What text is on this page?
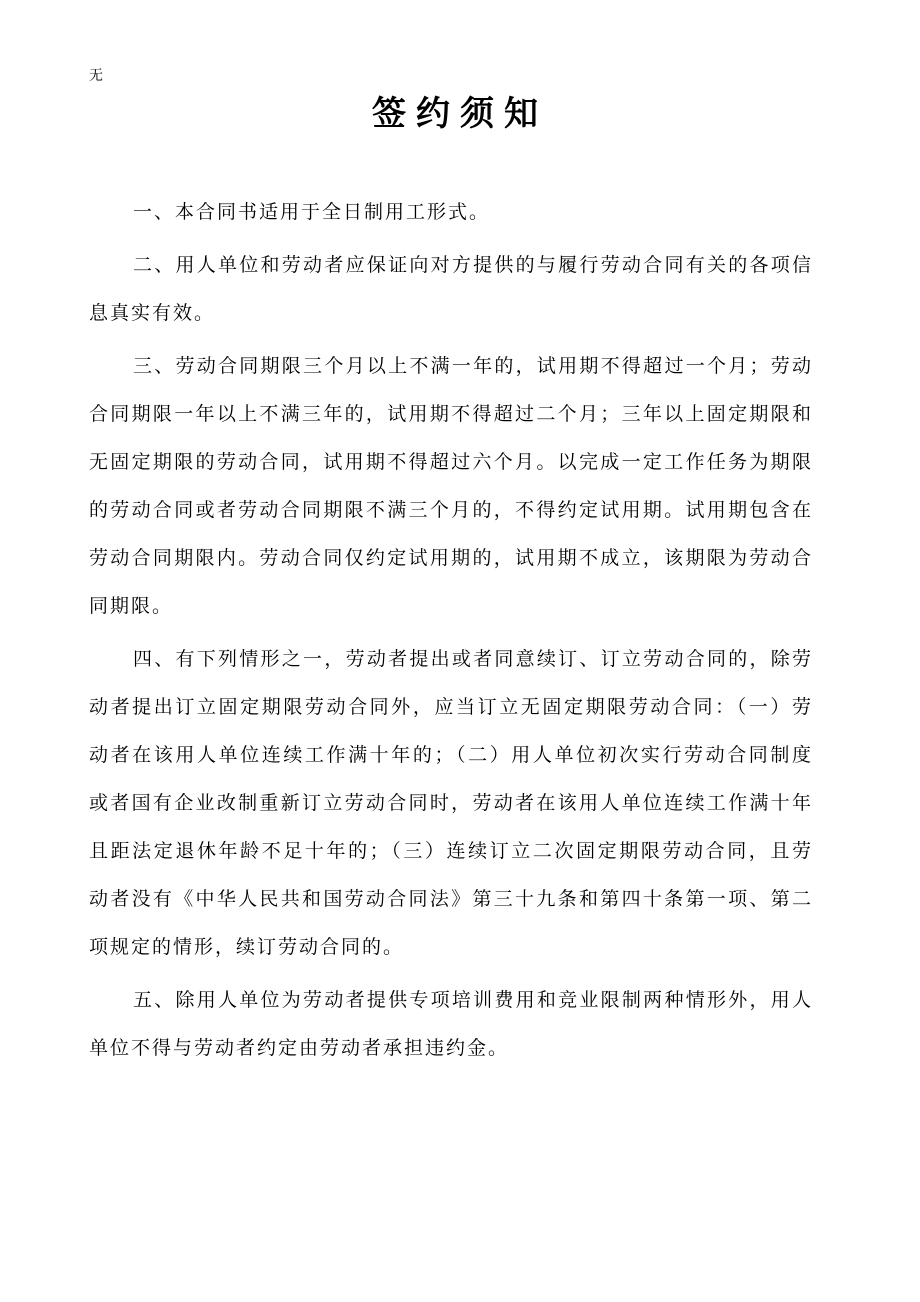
无
签约须知

一、本合同书适用于全日制用工形式。

二、用人单位和劳动者应保证向对方提供的与履行劳动合同有关的各项信息真实有效。

三、劳动合同期限三个月以上不满一年的，试用期不得超过一个月；劳动合同期限一年以上不满三年的，试用期不得超过二个月；三年以上固定期限和无固定期限的劳动合同，试用期不得超过六个月。以完成一定工作任务为期限的劳动合同或者劳动合同期限不满三个月的，不得约定试用期。试用期包含在劳动合同期限内。劳动合同仅约定试用期的，试用期不成立，该期限为劳动合同期限。

四、有下列情形之一，劳动者提出或者同意续订、订立劳动合同的，除劳动者提出订立固定期限劳动合同外，应当订立无固定期限劳动合同：（一）劳动者在该用人单位连续工作满十年的；（二）用人单位初次实行劳动合同制度或者国有企业改制重新订立劳动合同时，劳动者在该用人单位连续工作满十年且距法定退休年龄不足十年的；（三）连续订立二次固定期限劳动合同，且劳动者没有《中华人民共和国劳动合同法》第三十九条和第四十条第一项、第二项规定的情形，续订劳动合同的。

五、除用人单位为劳动者提供专项培训费用和竞业限制两种情形外，用人单位不得与劳动者约定由劳动者承担违约金。
